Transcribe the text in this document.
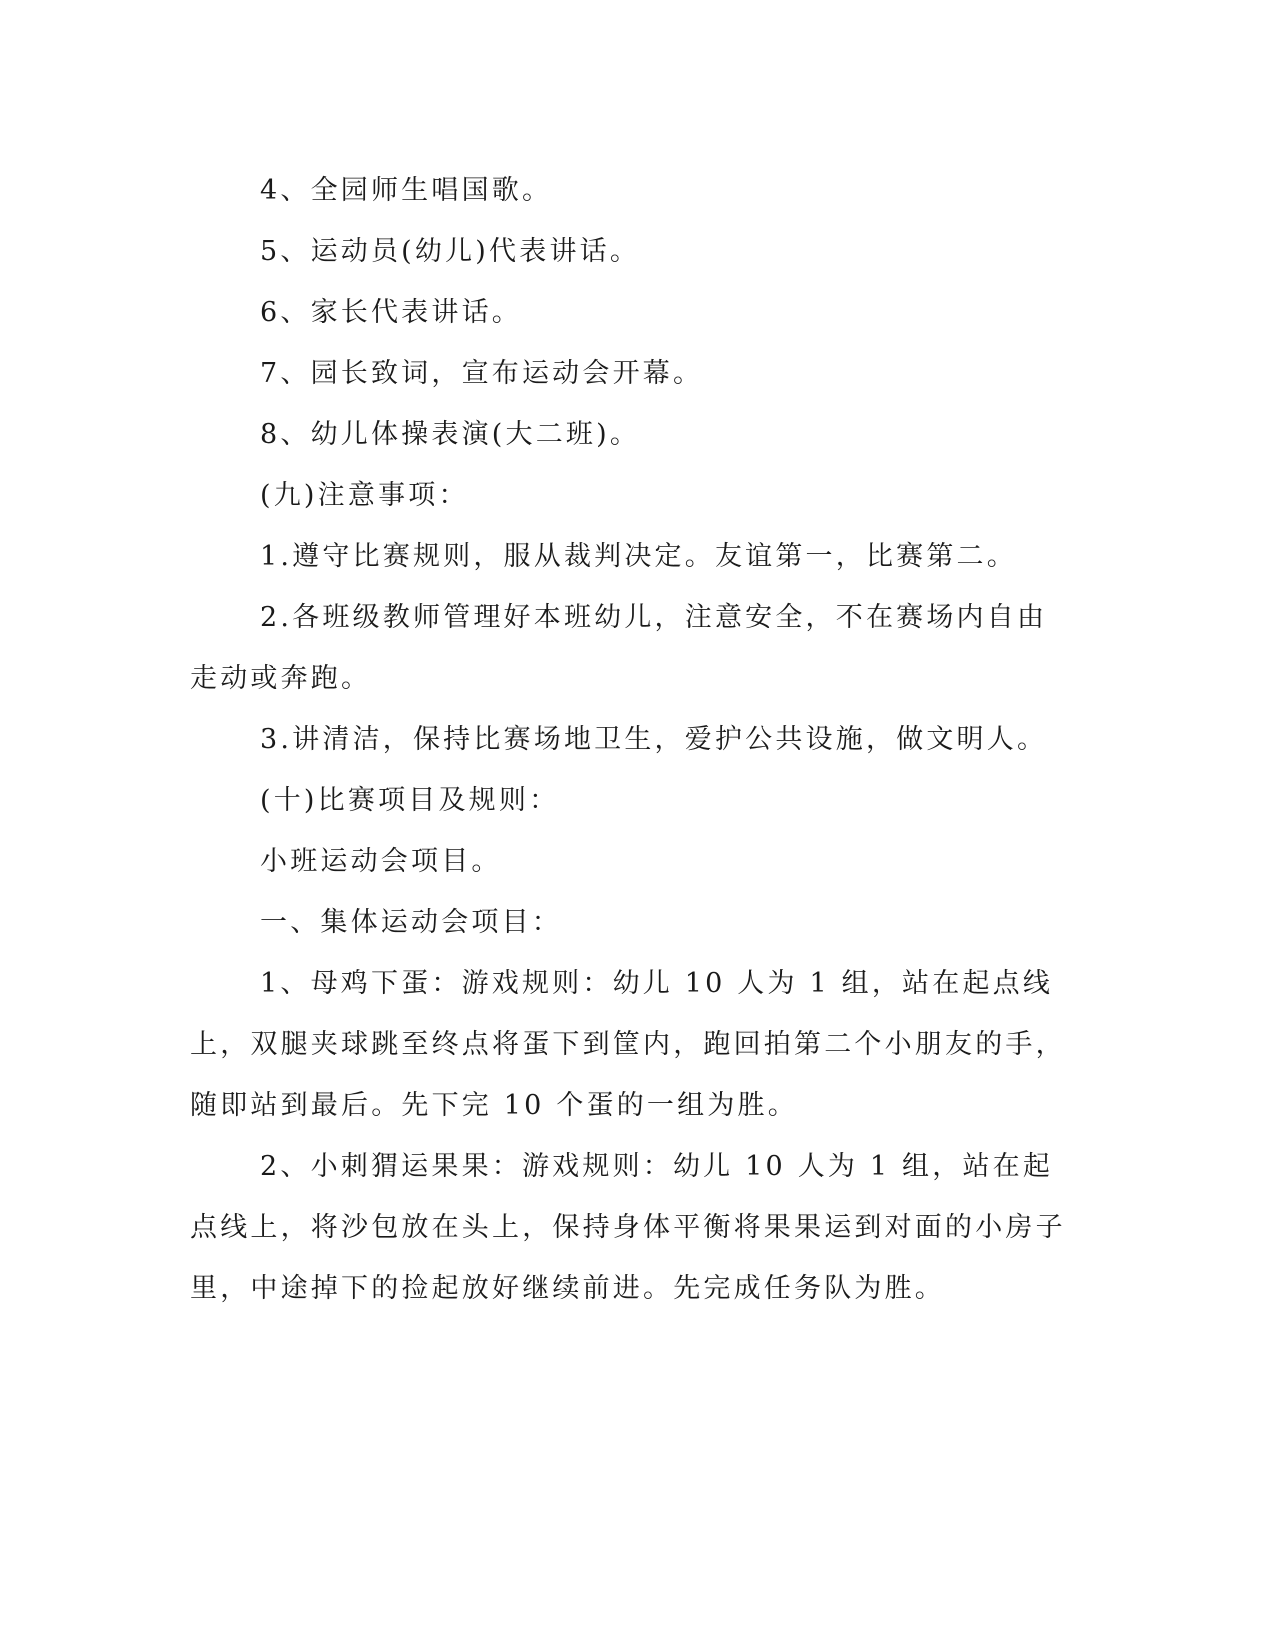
4、全园师生唱国歌。

5、运动员(幼儿)代表讲话。

6、家长代表讲话。

7、园长致词，宣布运动会开幕。

8、幼儿体操表演(大二班)。

(九)注意事项：

1.遵守比赛规则，服从裁判决定。友谊第一，比赛第二。

2.各班级教师管理好本班幼儿，注意安全，不在赛场内自由走动或奔跑。

3.讲清洁，保持比赛场地卫生，爱护公共设施，做文明人。

(十)比赛项目及规则：

小班运动会项目。

一、集体运动会项目：

1、母鸡下蛋：游戏规则：幼儿 10 人为 1 组，站在起点线上，双腿夹球跳至终点将蛋下到筐内，跑回拍第二个小朋友的手，随即站到最后。先下完 10 个蛋的一组为胜。

2、小刺猬运果果：游戏规则：幼儿 10 人为 1 组，站在起点线上，将沙包放在头上，保持身体平衡将果果运到对面的小房子里，中途掉下的捡起放好继续前进。先完成任务队为胜。
